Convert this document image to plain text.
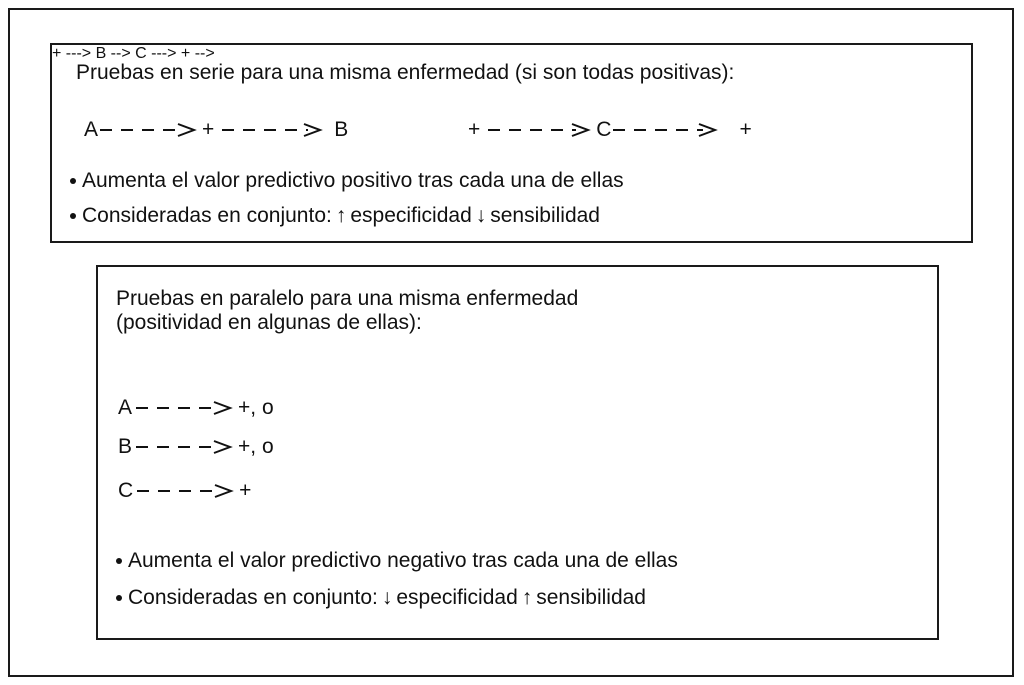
Pruebas en serie para una misma enfermedad (si son todas positivas):
+ ---> B -->
A	+	B
C ---> + -->
+	C	+
Aumenta el valor predictivo positivo tras cada una de ellas
Consideradas en conjunto: ↑ especificidad ↓ sensibilidad
Pruebas en paralelo para una misma enfermedad
(positividad en algunas de ellas):
A	+, o
B	+, o
C	+
Aumenta el valor predictivo negativo tras cada una de ellas
Consideradas en conjunto: ↓ especificidad ↑ sensibilidad
